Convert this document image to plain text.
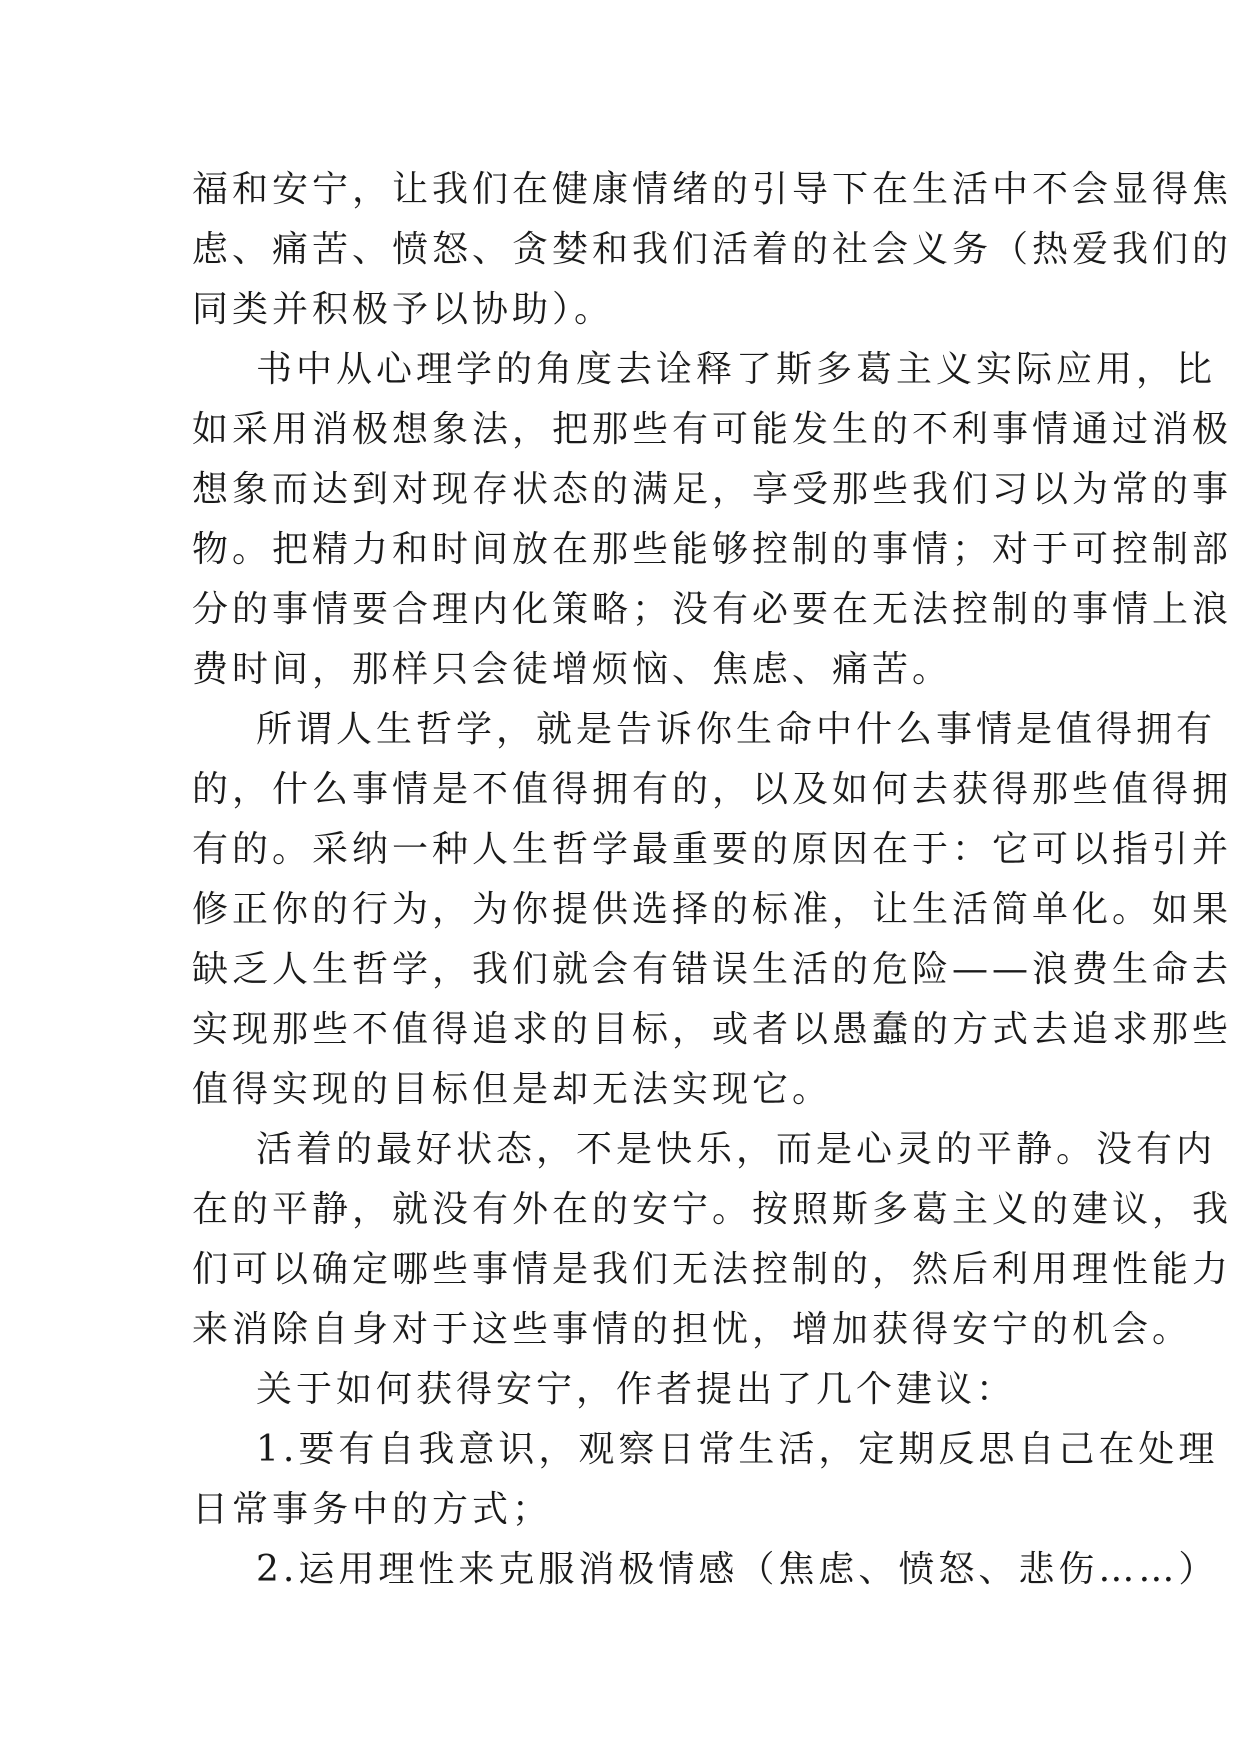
福和安宁，让我们在健康情绪的引导下在生活中不会显得焦
虑、痛苦、愤怒、贪婪和我们活着的社会义务（热爱我们的
同类并积极予以协助）。
书中从心理学的角度去诠释了斯多葛主义实际应用，比
如采用消极想象法，把那些有可能发生的不利事情通过消极
想象而达到对现存状态的满足，享受那些我们习以为常的事
物。把精力和时间放在那些能够控制的事情；对于可控制部
分的事情要合理内化策略；没有必要在无法控制的事情上浪
费时间，那样只会徒增烦恼、焦虑、痛苦。
所谓人生哲学，就是告诉你生命中什么事情是值得拥有
的，什么事情是不值得拥有的，以及如何去获得那些值得拥
有的。采纳一种人生哲学最重要的原因在于：它可以指引并
修正你的行为，为你提供选择的标准，让生活简单化。如果
缺乏人生哲学，我们就会有错误生活的危险——浪费生命去
实现那些不值得追求的目标，或者以愚蠢的方式去追求那些
值得实现的目标但是却无法实现它。
活着的最好状态，不是快乐，而是心灵的平静。没有内
在的平静，就没有外在的安宁。按照斯多葛主义的建议，我
们可以确定哪些事情是我们无法控制的，然后利用理性能力
来消除自身对于这些事情的担忧，增加获得安宁的机会。
关于如何获得安宁，作者提出了几个建议：
1.要有自我意识，观察日常生活，定期反思自己在处理
日常事务中的方式；
2.运用理性来克服消极情感（焦虑、愤怒、悲伤……）
